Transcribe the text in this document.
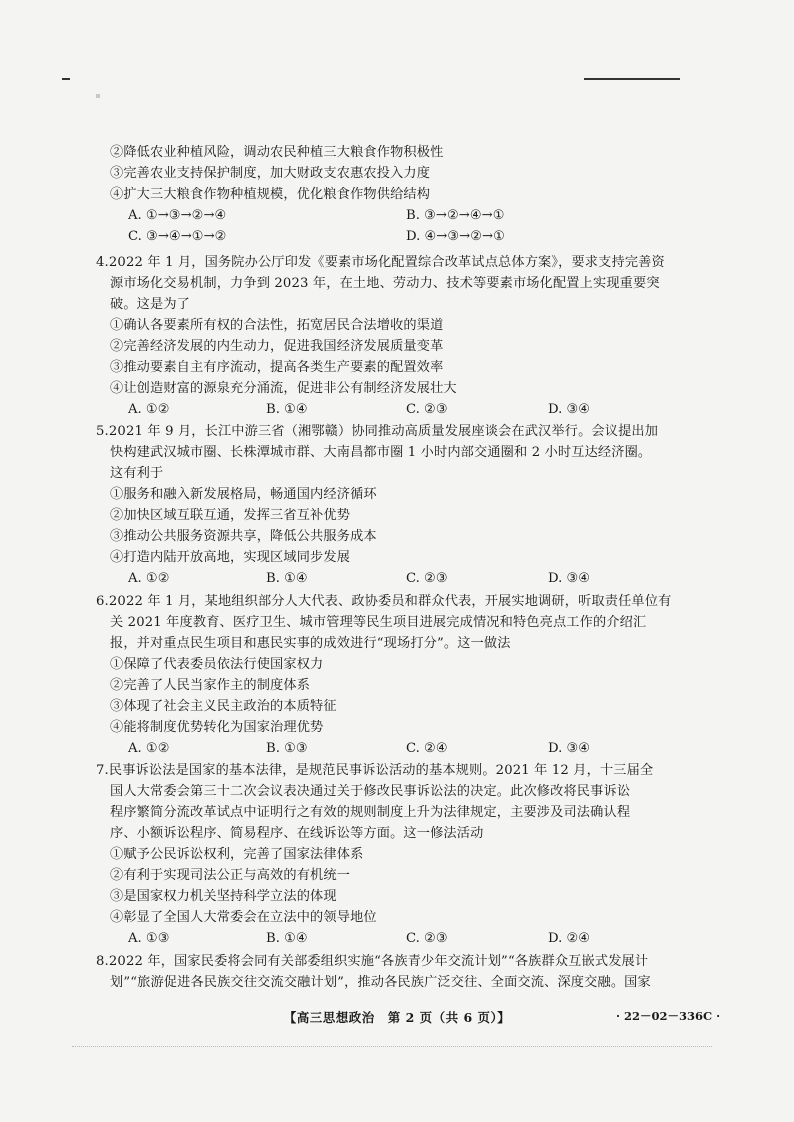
②降低农业种植风险，调动农民种植三大粮食作物积极性
③完善农业支持保护制度，加大财政支农惠农投入力度
④扩大三大粮食作物种植规模，优化粮食作物供给结构
A. ①→③→②→④	B. ③→②→④→①
C. ③→④→①→②	D. ④→③→②→①
4.2022 年 1 月，国务院办公厅印发《要素市场化配置综合改革试点总体方案》，要求支持完善资
源市场化交易机制，力争到 2023 年，在土地、劳动力、技术等要素市场化配置上实现重要突
破。这是为了
①确认各要素所有权的合法性，拓宽居民合法增收的渠道
②完善经济发展的内生动力，促进我国经济发展质量变革
③推动要素自主有序流动，提高各类生产要素的配置效率
④让创造财富的源泉充分涌流，促进非公有制经济发展壮大
A. ①②	B. ①④	C. ②③	D. ③④
5.2021 年 9 月，长江中游三省（湘鄂赣）协同推动高质量发展座谈会在武汉举行。会议提出加
快构建武汉城市圈、长株潭城市群、大南昌都市圈 1 小时内部交通圈和 2 小时互达经济圈。
这有利于
①服务和融入新发展格局，畅通国内经济循环
②加快区域互联互通，发挥三省互补优势
③推动公共服务资源共享，降低公共服务成本
④打造内陆开放高地，实现区域同步发展
A. ①②	B. ①④	C. ②③	D. ③④
6.2022 年 1 月，某地组织部分人大代表、政协委员和群众代表，开展实地调研，听取责任单位有
关 2021 年度教育、医疗卫生、城市管理等民生项目进展完成情况和特色亮点工作的介绍汇
报，并对重点民生项目和惠民实事的成效进行“现场打分”。这一做法
①保障了代表委员依法行使国家权力
②完善了人民当家作主的制度体系
③体现了社会主义民主政治的本质特征
④能将制度优势转化为国家治理优势
A. ①②	B. ①③	C. ②④	D. ③④
7.民事诉讼法是国家的基本法律，是规范民事诉讼活动的基本规则。2021 年 12 月，十三届全
国人大常委会第三十二次会议表决通过关于修改民事诉讼法的决定。此次修改将民事诉讼
程序繁简分流改革试点中证明行之有效的规则制度上升为法律规定，主要涉及司法确认程
序、小额诉讼程序、简易程序、在线诉讼等方面。这一修法活动
①赋予公民诉讼权利，完善了国家法律体系
②有利于实现司法公正与高效的有机统一
③是国家权力机关坚持科学立法的体现
④彰显了全国人大常委会在立法中的领导地位
A. ①③	B. ①④	C. ②③	D. ②④
8.2022 年，国家民委将会同有关部委组织实施“各族青少年交流计划”“各族群众互嵌式发展计
划”“旅游促进各民族交往交流交融计划”，推动各民族广泛交往、全面交流、深度交融。国家
【高三思想政治　第 2 页（共 6 页）】	· 22－02－336C ·
